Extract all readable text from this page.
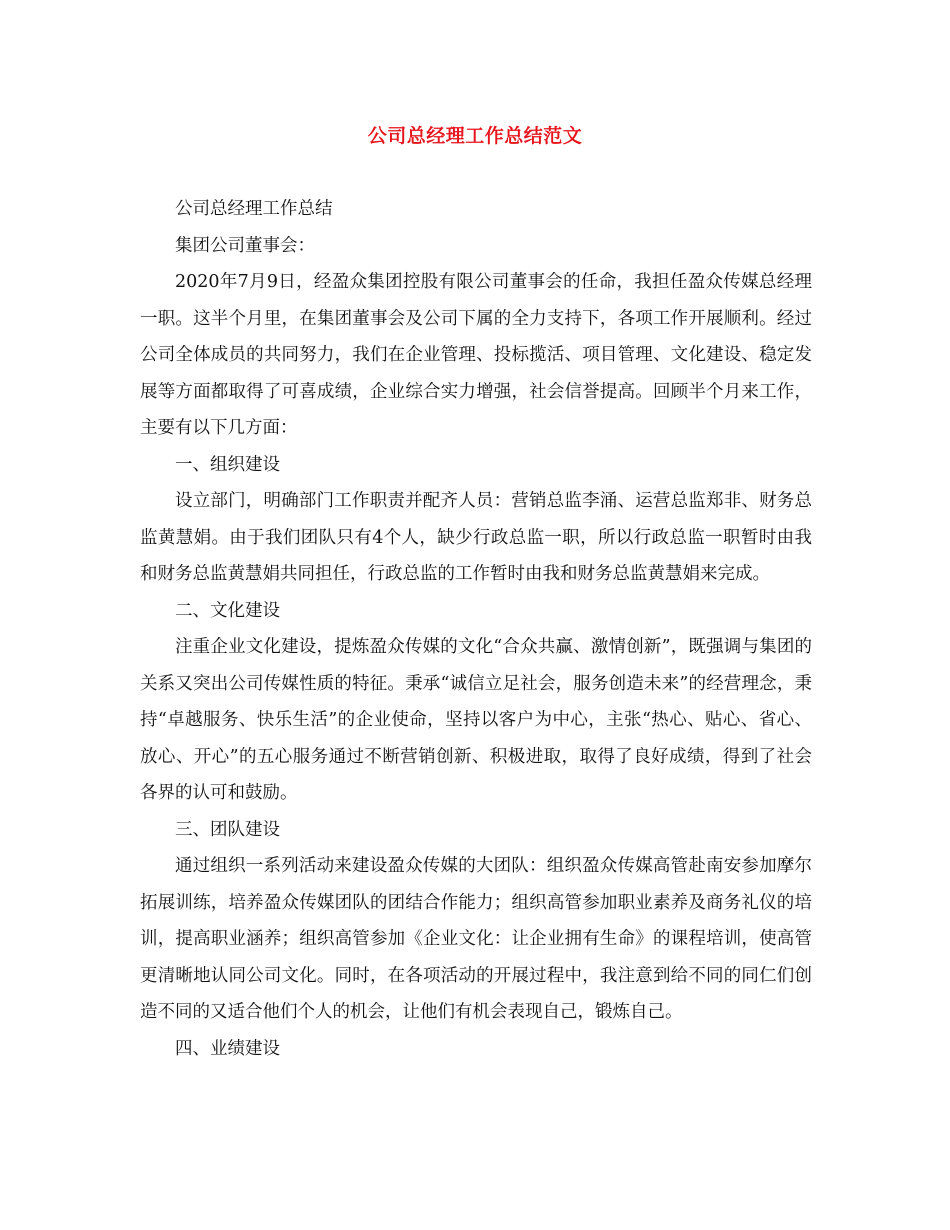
公司总经理工作总结范文

公司总经理工作总结

集团公司董事会：

2020年7月9日，经盈众集团控股有限公司董事会的任命，我担任盈众传媒总经理一职。这半个月里，在集团董事会及公司下属的全力支持下，各项工作开展顺利。经过公司全体成员的共同努力，我们在企业管理、投标揽活、项目管理、文化建设、稳定发展等方面都取得了可喜成绩，企业综合实力增强，社会信誉提高。回顾半个月来工作，主要有以下几方面：

一、组织建设

设立部门，明确部门工作职责并配齐人员：营销总监李涌、运营总监郑非、财务总监黄慧娟。由于我们团队只有4个人，缺少行政总监一职，所以行政总监一职暂时由我和财务总监黄慧娟共同担任，行政总监的工作暂时由我和财务总监黄慧娟来完成。

二、文化建设

注重企业文化建设，提炼盈众传媒的文化“合众共赢、激情创新”，既强调与集团的关系又突出公司传媒性质的特征。秉承“诚信立足社会，服务创造未来”的经营理念，秉持“卓越服务、快乐生活”的企业使命，坚持以客户为中心，主张“热心、贴心、省心、放心、开心”的五心服务通过不断营销创新、积极进取，取得了良好成绩，得到了社会各界的认可和鼓励。

三、团队建设

通过组织一系列活动来建设盈众传媒的大团队：组织盈众传媒高管赴南安参加摩尔拓展训练，培养盈众传媒团队的团结合作能力；组织高管参加职业素养及商务礼仪的培训，提高职业涵养；组织高管参加《企业文化：让企业拥有生命》的课程培训，使高管更清晰地认同公司文化。同时，在各项活动的开展过程中，我注意到给不同的同仁们创造不同的又适合他们个人的机会，让他们有机会表现自己，锻炼自己。

四、业绩建设
